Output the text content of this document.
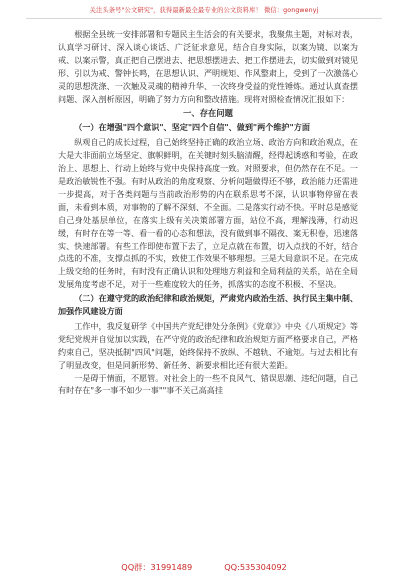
关注头条号"公文研究"，获得最新最全最专业的公文资料库！ 微信：gongwenyj

根据全县统一安排部署和专题民主生活会的有关要求，我聚焦主题，对标对表，认真学习研讨、深入谈心谈话、广泛征求意见，结合自身实际，以案为镜、以案为戒、以案示警，真正把自己摆进去、把思想摆进去、把工作摆进去，切实做到对镜见形、引以为戒、警钟长鸣，在思想认识、严明规矩、作风整肃上，受到了一次激荡心灵的思想洗涤、一次触及灵魂的精神升华、一次终身受益的党性锤炼。通过认真查摆问题、深入剖析原因，明确了努力方向和整改措施。现将对照检查情况汇报如下：

一、存在问题

（一）在增强"四个意识"、坚定"四个自信"、做到"两个维护"方面

纵观自己的成长过程，自己始终坚持正确的政治立场、政治方向和政治观点，在大是大非面前立场坚定、旗帜鲜明，在关键时刻头脑清醒，经得起诱惑和考验，在政治上、思想上、行动上始终与党中央保持高度一致。对照要求，但仍然存在不足。一是政治敏锐性不强。有时从政治的角度观察、分析问题做得还不够，政治能力还需进一步提高，对于各类问题与当前政治形势的内在联系思考不深，认识事物停留在表面，未看到本质，对事物的了解不深刻、不全面。二是落实行动不快。平时总是感觉自己身处基层单位，在落实上级有关决策部署方面，站位不高，理解浅薄，行动迟缓，有时存在等一等、看一看的心态和想法，没有做到事不隔夜、案无积卷，迅速落实、快速部署。有些工作即使布置下去了，立足点就在布置，切入点找的不好，结合点选的不准，支撑点抓的不实，致使工作效果不够理想。三是大局意识不足。在完成上级交给的任务时，有时没有正确认识和处理地方利益和全局利益的关系，站在全局发展角度考虑不足，对于一些难度较大的任务，抓落实的态度不积极、不坚决。

（二）在遵守党的政治纪律和政治规矩，严肃党内政治生活、执行民主集中制、加强作风建设方面

工作中，我反复研学《中国共产党纪律处分条例》《党章》》中央《八项规定》等党纪党规并自觉加以实践，在严守党的政治纪律和政治规矩方面严格要求自己，严格约束自己，坚决抵制"四风"问题，始终保持不放纵、不越轨、不逾矩。与过去相比有了明显改变，但是同新形势、新任务、新要求相比还有很大差距。

一是碍于情面，不愿管。对社会上的一些不良风气、错误思潮、违纪问题，自己有时存在"多一事不如少一事""事不关己高高挂

QQ群：31991489	QQ:535304092
